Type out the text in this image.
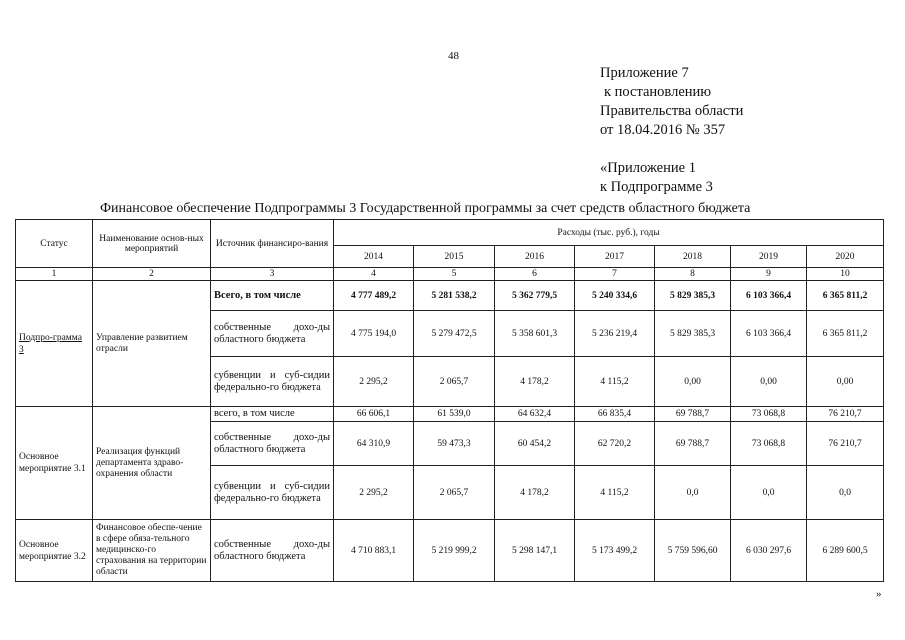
48
Приложение 7
к постановлению
Правительства области
от 18.04.2016 № 357
«Приложение 1
к Подпрограмме 3
Финансовое обеспечение Подпрограммы 3 Государственной программы за счет средств областного бюджета
Статус	Наименование основ-ных мероприятий	Источник финансиро-вания	Расходы (тыс. руб.), годы						
			2014	2015	2016	2017	2018	2019	2020
1	2	3	4	5	6	7	8	9	10
Подпро-грамма 3	Управление развитием отрасли	Всего, в том числе	4 777 489,2	5 281 538,2	5 362 779,5	5 240 334,6	5 829 385,3	6 103 366,4	6 365 811,2
		собственные дохо-ды областного бюджета	4 775 194,0	5 279 472,5	5 358 601,3	5 236 219,4	5 829 385,3	6 103 366,4	6 365 811,2
		субвенции и суб-сидии федерально-го бюджета	2 295,2	2 065,7	4 178,2	4 115,2	0,00	0,00	0,00
Основное мероприятие 3.1	Реализация функций департамента здраво-охранения области	всего, в том числе	66 606,1	61 539,0	64 632,4	66 835,4	69 788,7	73 068,8	76 210,7
		собственные дохо-ды областного бюджета	64 310,9	59 473,3	60 454,2	62 720,2	69 788,7	73 068,8	76 210,7
		субвенции и суб-сидии федерально-го бюджета	2 295,2	2 065,7	4 178,2	4 115,2	0,0	0,0	0,0
Основное мероприятие 3.2	Финансовое обеспе-чение в сфере обяза-тельного медицинско-го страхования на территории области	собственные дохо-ды областного бюджета	4 710 883,1	5 219 999,2	5 298 147,1	5 173 499,2	5 759 596,60	6 030 297,6	6 289 600,5
»
